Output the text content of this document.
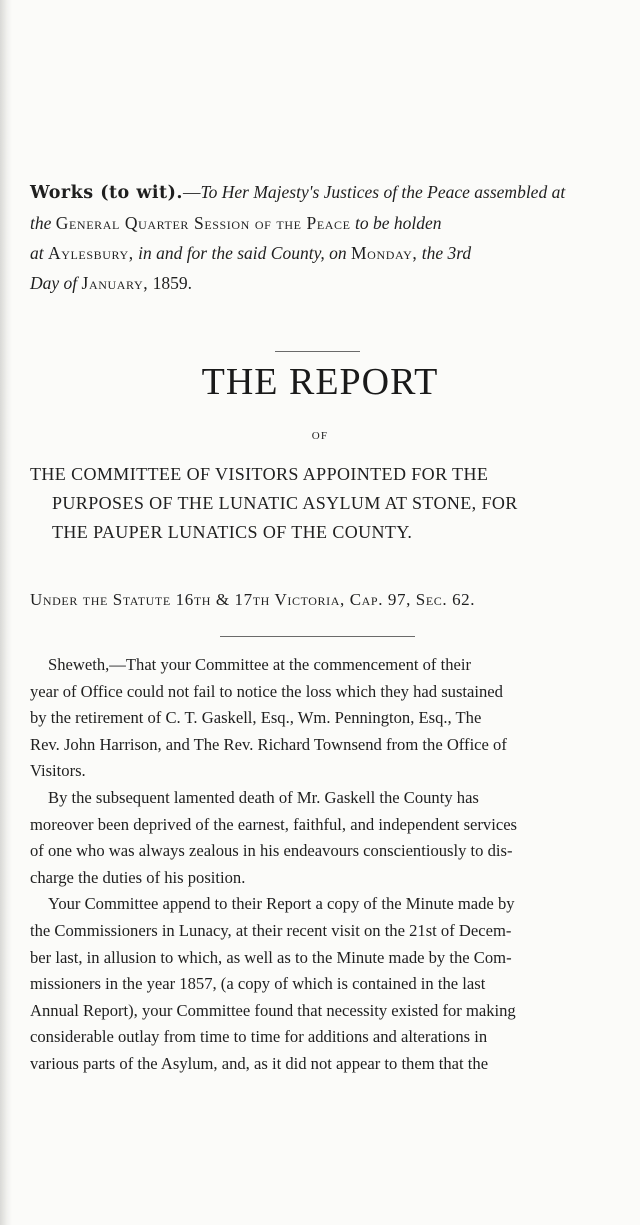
Works (to wit).—To Her Majesty's Justices of the Peace assembled at
the General Quarter Session of the Peace to be holden
at Aylesbury, in and for the said County, on Monday, the 3rd
Day of January, 1859.
THE REPORT
OF
THE COMMITTEE OF VISITORS APPOINTED FOR THE
PURPOSES OF THE LUNATIC ASYLUM AT STONE, FOR
THE PAUPER LUNATICS OF THE COUNTY.
Under the Statute 16th & 17th Victoria, Cap. 97, Sec. 62.
Sheweth,—That your Committee at the commencement of their
year of Office could not fail to notice the loss which they had sustained
by the retirement of C. T. Gaskell, Esq., Wm. Pennington, Esq., The
Rev. John Harrison, and The Rev. Richard Townsend from the Office of
Visitors.
By the subsequent lamented death of Mr. Gaskell the County has
moreover been deprived of the earnest, faithful, and independent services
of one who was always zealous in his endeavours conscientiously to dis-
charge the duties of his position.
Your Committee append to their Report a copy of the Minute made by
the Commissioners in Lunacy, at their recent visit on the 21st of Decem-
ber last, in allusion to which, as well as to the Minute made by the Com-
missioners in the year 1857, (a copy of which is contained in the last
Annual Report), your Committee found that necessity existed for making
considerable outlay from time to time for additions and alterations in
various parts of the Asylum, and, as it did not appear to them that the
